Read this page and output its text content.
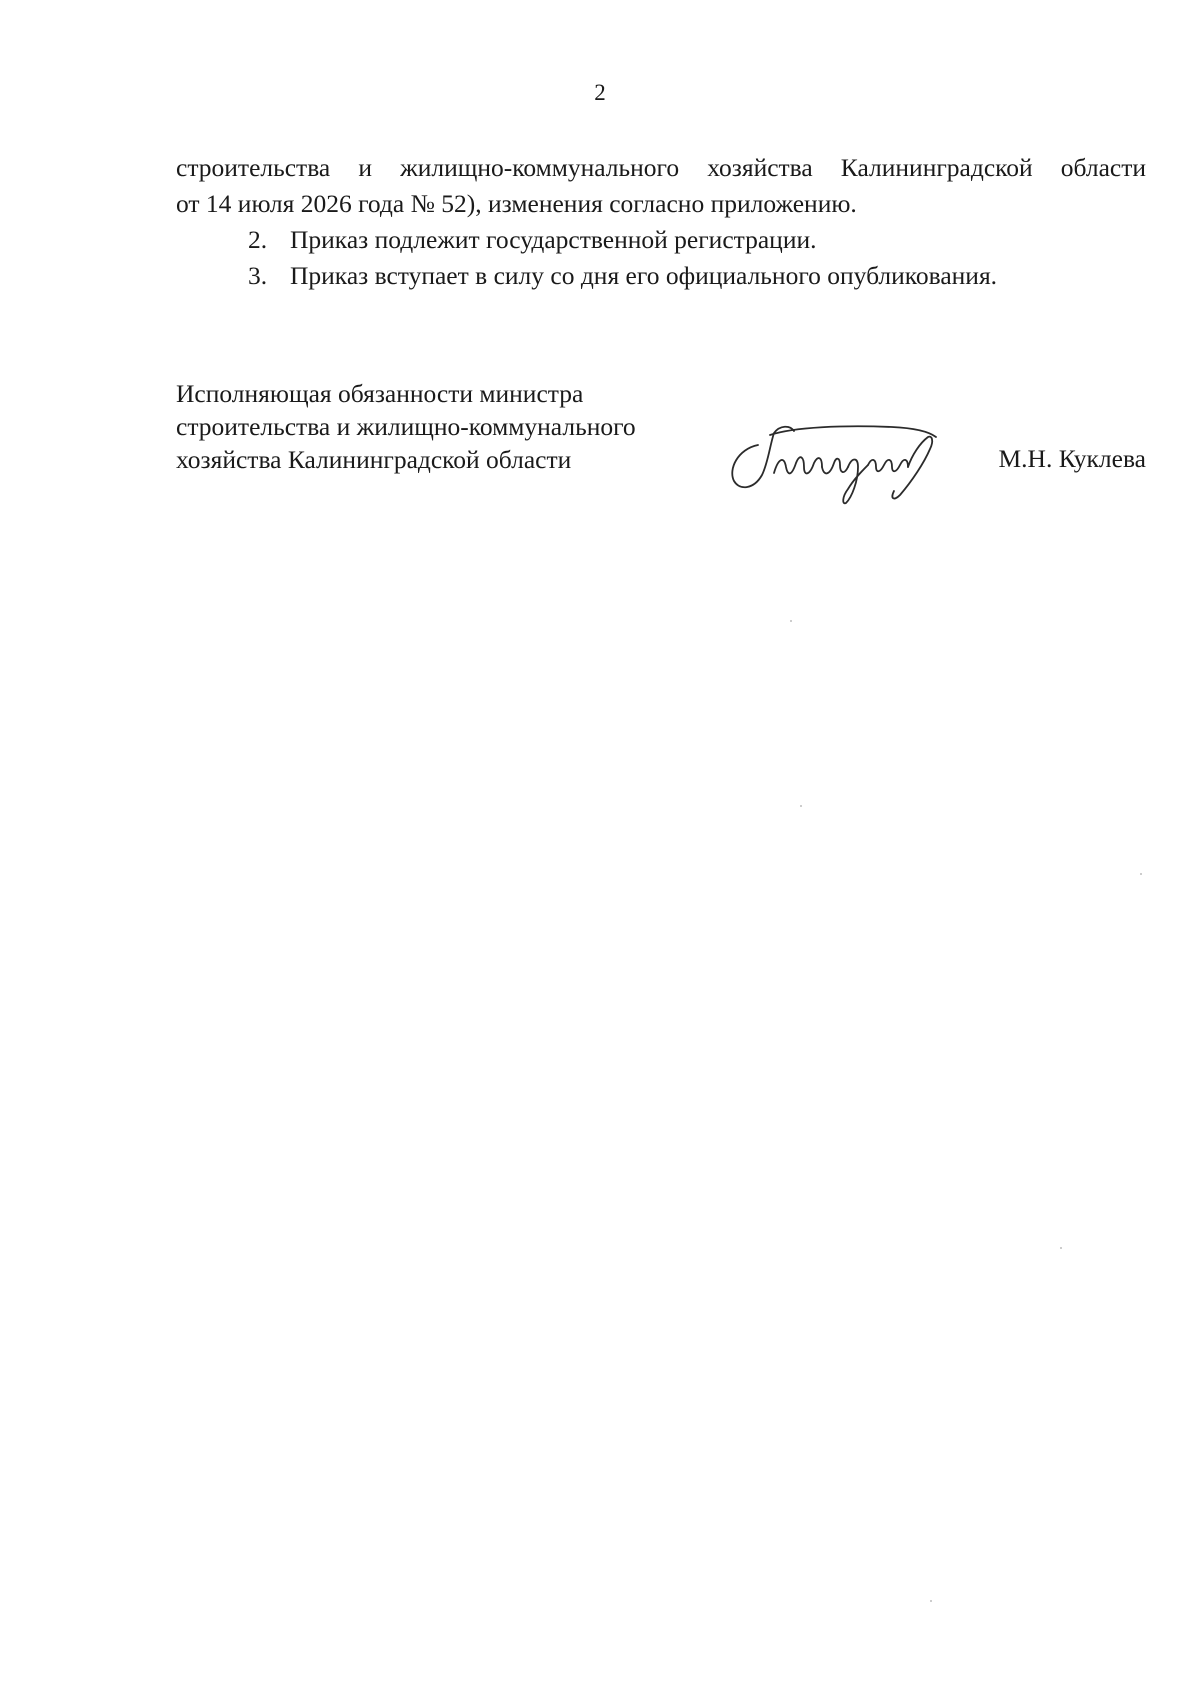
2

строительства и жилищно-коммунального хозяйства Калининградской области

от 14 июля 2026 года № 52), изменения согласно приложению.

2. Приказ подлежит государственной регистрации.

3. Приказ вступает в силу со дня его официального опубликования.

Исполняющая обязанности министра
строительства и жилищно-коммунального
хозяйства Калининградской области	М.Н. Куклева
